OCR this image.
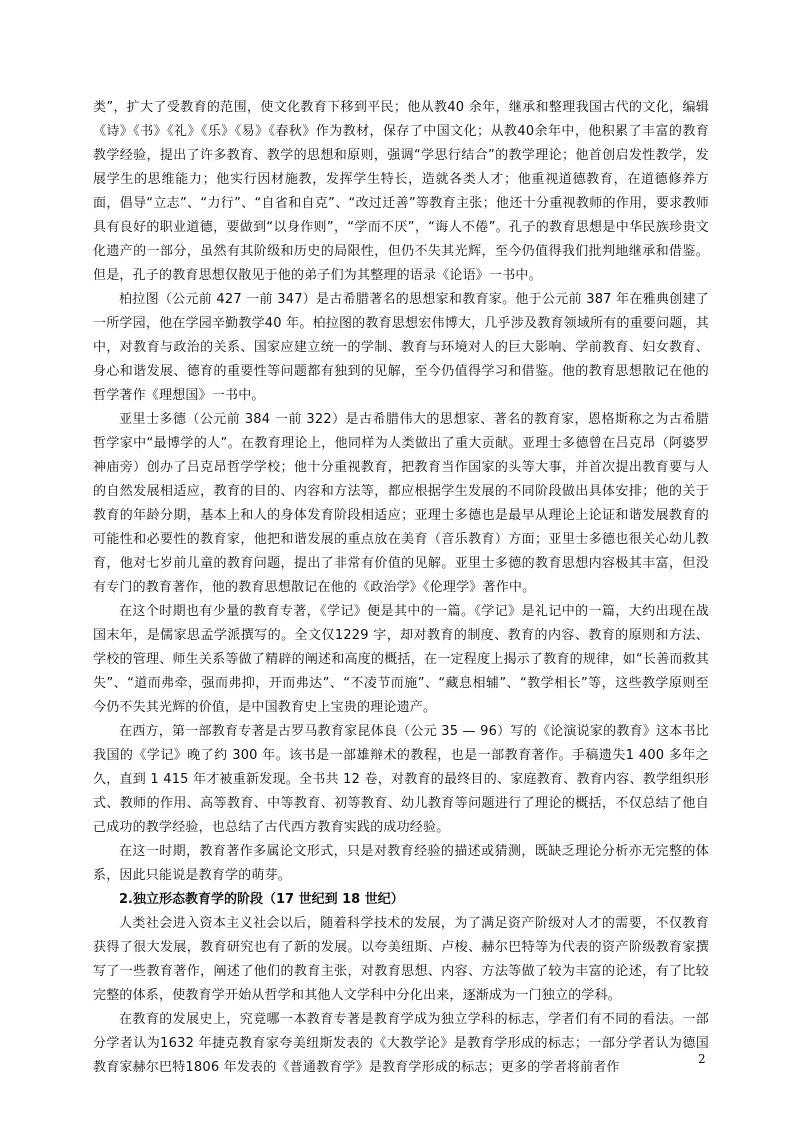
类”，扩大了受教育的范围，使文化教育下移到平民；他从教40 余年，继承和整理我国古代的文化，编辑《诗》《书》《礼》《乐》《易》《春秋》作为教材，保存了中国文化；从教40余年中，他积累了丰富的教育教学经验，提出了许多教育、教学的思想和原则，强调“学思行结合”的教学理论；他首创启发性教学，发展学生的思维能力；他实行因材施教，发挥学生特长，造就各类人才；他重视道德教育，在道德修养方面，倡导“立志”、“力行”、“自省和自克”、“改过迁善”等教育主张；他还十分重视教师的作用，要求教师具有良好的职业道德，要做到“以身作则”，“学而不厌”，“诲人不倦”。孔子的教育思想是中华民族珍贵文化遗产的一部分，虽然有其阶级和历史的局限性，但仍不失其光辉，至今仍值得我们批判地继承和借鉴。但是，孔子的教育思想仅散见于他的弟子们为其整理的语录《论语》一书中。

柏拉图（公元前 427 一前 347）是古希腊著名的思想家和教育家。他于公元前 387 年在雅典创建了一所学园，他在学园辛勤教学40 年。柏拉图的教育思想宏伟博大，几乎涉及教育领域所有的重要问题，其中，对教育与政治的关系、国家应建立统一的学制、教育与环境对人的巨大影响、学前教育、妇女教育、身心和谐发展、德育的重要性等问题都有独到的见解，至今仍值得学习和借鉴。他的教育思想散记在他的哲学著作《理想国》一书中。

亚里士多德（公元前 384 一前 322）是古希腊伟大的思想家、著名的教育家，恩格斯称之为古希腊哲学家中“最博学的人”。在教育理论上，他同样为人类做出了重大贡献。亚理士多德曾在吕克昂（阿婆罗神庙旁）创办了吕克昂哲学学校；他十分重视教育，把教育当作国家的头等大事，并首次提出教育要与人的自然发展相适应，教育的目的、内容和方法等，都应根据学生发展的不同阶段做出具体安排；他的关于教育的年龄分期，基本上和人的身体发育阶段相适应；亚理士多德也是最早从理论上论证和谐发展教育的可能性和必要性的教育家，他把和谐发展的重点放在美育（音乐教育）方面；亚里士多德也很关心幼儿教育，他对七岁前儿童的教育问题，提出了非常有价值的见解。亚里士多德的教育思想内容极其丰富，但没有专门的教育著作，他的教育思想散记在他的《政治学》《伦理学》著作中。

在这个时期也有少量的教育专著，《学记》便是其中的一篇。《学记》是礼记中的一篇，大约出现在战国末年，是儒家思孟学派撰写的。全文仅1229 字，却对教育的制度、教育的内容、教育的原则和方法、学校的管理、师生关系等做了精辟的阐述和高度的概括，在一定程度上揭示了教育的规律，如“长善而救其失”、“道而弗牵，强而弗抑，开而弗达”、“不凌节而施”、“藏息相辅”、“教学相长”等，这些教学原则至今仍不失其光辉的价值，是中国教育史上宝贵的理论遗产。

在西方，第一部教育专著是古罗马教育家昆体良（公元 35 — 96）写的《论演说家的教育》这本书比我国的《学记》晚了约 300 年。该书是一部雄辩术的教程，也是一部教育著作。手稿遗失1 400 多年之久，直到 1 415 年才被重新发现。全书共 12 卷，对教育的最终目的、家庭教育、教育内容、教学组织形式、教师的作用、高等教育、中等教育、初等教育、幼儿教育等问题进行了理论的概括，不仅总结了他自己成功的教学经验，也总结了古代西方教育实践的成功经验。

在这一时期，教育著作多属论文形式，只是对教育经验的描述或猜测，既缺乏理论分析亦无完整的体系，因此只能说是教育学的萌芽。

2.独立形态教育学的阶段（17 世纪到 18 世纪）

人类社会进入资本主义社会以后，随着科学技术的发展，为了满足资产阶级对人才的需要，不仅教育获得了很大发展，教育研究也有了新的发展。以夸美纽斯、卢梭、赫尔巴特等为代表的资产阶级教育家撰写了一些教育著作，阐述了他们的教育主张，对教育思想、内容、方法等做了较为丰富的论述，有了比较完整的体系，使教育学开始从哲学和其他人文学科中分化出来，逐渐成为一门独立的学科。

在教育的发展史上，究竟哪一本教育专著是教育学成为独立学科的标志，学者们有不同的看法。一部分学者认为1632 年捷克教育家夸美纽斯发表的《大教学论》是教育学形成的标志；一部分学者认为德国教育家赫尔巴特1806 年发表的《普通教育学》是教育学形成的标志；更多的学者将前者作

2
